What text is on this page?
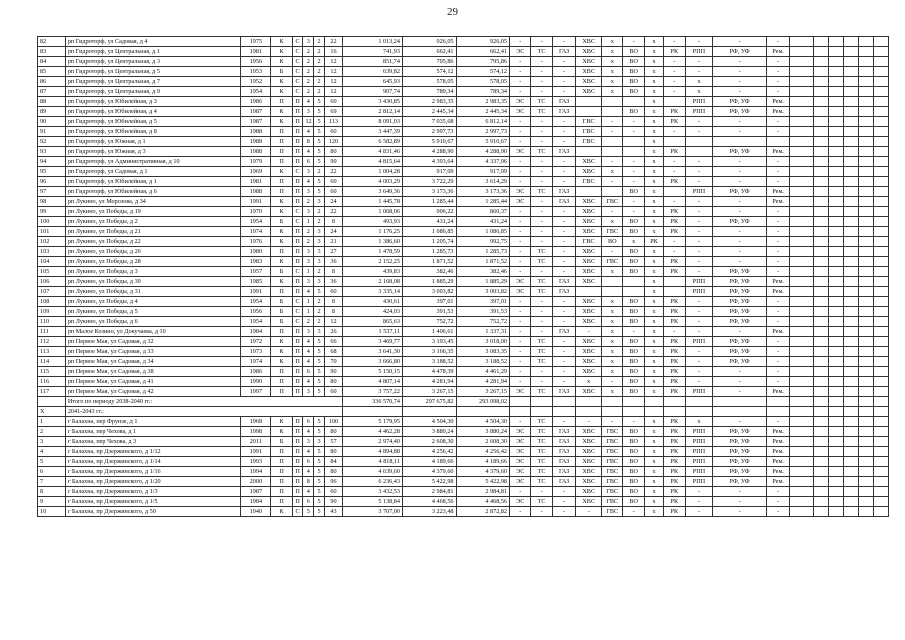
29
82	рп Гидроторф, ул Садовая, д 4	1975	К	С	3	2	22	1 013,24	926,05	926,05	-	-	-	ХВС	х	-	х	-	-	-	-						
83	рп Гидроторф, ул Центральная, д 1	1981	К	С	2	2	16	741,93	662,41	662,41	ЭС	ТС	ГАЗ	ХВС	х	ВО	х	РК	РПП	РФ, УФ	Рем.						
84	рп Гидроторф, ул Центральная, д 3	1956	К	С	2	2	12	851,74	795,86	795,86	-	-	-	ХВС	х	ВО	х	-	-	-	-						
85	рп Гидроторф, ул Центральная, д 5	1953	Б	С	2	2	12	639,82	574,12	574,12	-	-	-	ХВС	х	ВО	х	-	-	-	-						
86	рп Гидроторф, ул Центральная, д 7	1952	К	С	2	2	12	645,93	578,05	578,05	-	-	-	ХВС	х	ВО	х	-	х	-	-						
87	рп Гидроторф, ул Центральная, д 9	1954	К	С	2	2	12	907,74	789,34	789,34	-	-	-	ХВС	х	ВО	х	-	х	-	-						
88	рп Гидроторф, ул Юбилейная, д 3	1986	П	П	4	5	60	3 430,85	2 983,35	2 983,35	ЭС	ТС	ГАЗ				х		РПП	РФ, УФ	Рем.						
89	рп Гидроторф, ул Юбилейная, д 4	1987	К	П	3	5	69	2 812,14	2 445,34	2 445,34	ЭС	ТС	ГАЗ			ВО	х	РК	РПП	РФ, УФ	Рем.						
90	рп Гидроторф, ул Юбилейная, д 5	1987	К	П	12	5	113	8 091,03	7 035,68	6 812,14	-	-	-	ГВС	-	-	х	РК	-	-	-						
91	рп Гидроторф, ул Юбилейная, д 8	1988	П	П	4	5	60	3 447,39	2 997,73	2 997,73	-	-	-	ГВС	-	-	х	-	-	-	-						
92	рп Гидроторф, ул Южная, д 1	1988	П	П	8	5	120	6 582,89	5 910,67	5 910,67	-	-	-	ГВС			х										
93	рп Гидроторф, ул Южная, д 3	1988	П	П	4	5	80	4 831,46	4 288,90	4 288,90	ЭС	ТС	ГАЗ				х	РК		РФ, УФ	Рем.						
94	рп Гидроторф, ул Административная, д 10	1979	П	П	6	5	90	4 815,64	4 393,64	4 337,06	-	-	-	ХВС	-	-	х	-	-	-	-						
95	рп Гидроторф, ул Садовая, д 1	1969	К	С	3	2	22	1 004,28	917,09	917,09	-	-	-	ХВС	х	-	х	-	-	-	-						
96	рп Гидроторф, ул Юбилейная, д 1	1981	П	П	4	5	60	4 003,29	3 722,29	3 614,29	-	-	-	ГВС	-	-	х	РК	-	-	-						
97	рп Гидроторф, ул Юбилейная, д 6	1988	П	П	3	5	60	3 649,36	3 173,36	3 173,36	ЭС	ТС	ГАЗ			ВО	х		РПП	РФ, УФ	Рем.						
98	рп Лукино, ул Морозова, д 34	1991	К	П	2	3	24	1 445,78	1 285,44	1 285,44	ЭС	-	ГАЗ	ХВС	ГВС	-	х	-	-	-	Рем.						
99	рп Лукино, ул Победы, д 19	1970	К	С	3	2	22	1 068,06	906,22	860,37	-	-	-	ХВС	-	-	х	РК	-	-	-						
100	рп Лукино, ул Победы, д 2	1954	Б	С	1	2	8	493,93	431,24	431,24	-	-	-	ХВС	х	ВО	х	РК	-	РФ, УФ	-						
101	рп Лукино, ул Победы, д 21	1974	К	П	2	3	24	1 176,25	1 086,85	1 086,85	-	-	-	ХВС	ГВС	ВО	х	РК	-	-	-						
102	рп Лукино, ул Победы, д 22	1976	К	П	2	3	21	1 386,60	1 205,74	992,75	-	-	-	ГВС	ВО	х	РК	-	-	-	-						
103	рп Лукино, ул Победы, д 26	1980	П	П	3	3	27	1 478,59	1 285,73	1 285,73	-	ТС	-	ХВС	-	ВО	х	-	-	-	-						
104	рп Лукино, ул Победы, д 28	1983	К	П	3	3	36	2 152,25	1 871,52	1 871,52	-	ТС	-	ХВС	ГВС	ВО	х	РК	-	-	-						
105	рп Лукино, ул Победы, д 3	1957	Б	С	1	2	8	439,83	382,46	382,46	-	-	-	ХВС	х	ВО	х	РК	-	РФ, УФ	-						
106	рп Лукино, ул Победы, д 30	1985	К	П	3	3	36	2 168,08	1 885,29	1 885,29	ЭС	ТС	ГАЗ	ХВС			х		РПП	РФ, УФ	Рем.						
107	рп Лукино, ул Победы, д 31	1991	П	П	4	5	60	3 335,14	3 003,82	3 003,82	ЭС	ТС	ГАЗ				х		РПП	РФ, УФ	Рем.						
108	рп Лукино, ул Победы, д 4	1954	Б	С	1	2	8	430,61	397,01	397,01	-	-	-	ХВС	х	ВО	х	РК	-	РФ, УФ	-						
109	рп Лукино, ул Победы, д 5	1956	Б	С	1	2	8	424,03	391,53	391,53	-	-	-	ХВС	х	ВО	х	РК	-	РФ, УФ	-						
110	рп Лукино, ул Победы, д 6	1954	Б	С	2	2	12	865,63	752,72	752,72	-	-	-	ХВС	х	ВО	х	РК	-	РФ, УФ	-						
111	рп Малое Козино, ул Докучаева, д 10	1984	П	П	3	3	26	1 537,11	1 406,61	1 337,31	-	-	ГАЗ	-	х	-	х	-	-	-	Рем.						
112	рп Первое Мая, ул Садовая, д 32	1972	К	П	4	5	66	3 469,77	3 193,45	3 018,00	-	ТС	-	ХВС	х	ВО	х	РК	РПП	РФ, УФ	-						
113	рп Первое Мая, ул Садовая, д 33	1973	К	П	4	5	68	3 641,30	3 166,35	3 083,35	-	ТС	-	ХВС	х	ВО	х	РК	-	РФ, УФ	-						
114	рп Первое Мая, ул Садовая, д 34	1974	К	П	4	5	70	3 666,80	3 188,52	3 188,52	-	ТС	-	ХВС	х	ВО	х	РК	-	РФ, УФ	-						
115	рп Первое Мая, ул Садовая, д 38	1986	П	П	6	5	90	5 150,15	4 478,39	4 461,29	-	-	-	ХВС	х	ВО	х	РК	-	-	-						
116	рп Первое Мая, ул Садовая, д 41	1990	П	П	4	5	80	4 807,14	4 281,94	4 281,94	-	-	-	х	-	ВО	х	РК	-	-	-						
117	рп Первое Мая, ул Садовая, д 42	1997	П	П	3	5	60	3 757,22	3 267,15	3 267,15	ЭС	ТС	ГАЗ	ХВС	х	ВО	х	РК	РПП	-	Рем.						
	Итого по периоду 2038-2040 гг.:							336 570,74	297 675,82	293 098,02																	
X	2041-2043 гг.:																										
1	г Балахна, пер Фрунзе, д 1	1968	К	П	6	5	100	5 179,95	4 504,30	4 504,30	-	ТС	-	-	-	-	х	РК	х	-	-						
2	г Балахна, пер Чехова, д 1	1998	К	П	4	5	80	4 462,28	3 880,24	3 880,24	ЭС	ТС	ГАЗ	ХВС	ГВС	ВО	х	РК	РПП	РФ, УФ	Рем.						
3	г Балахна, пер Чехова, д 3	2011	Б	П	3	3	57	2 974,40	2 608,30	2 608,30	ЭС	ТС	ГАЗ	ХВС	ГВС	ВО	х	РК	РПП	РФ, УФ	Рем.						
4	г Балахна, пр Дзержинского, д 1/12	1991	П	П	4	5	80	4 894,88	4 256,42	4 256,42	ЭС	ТС	ГАЗ	ХВС	ГВС	ВО	х	РК	РПП	РФ, УФ	Рем.						
5	г Балахна, пр Дзержинского, д 1/14	1993	П	П	6	5	84	4 818,11	4 189,66	4 189,66	ЭС	ТС	ГАЗ	ХВС	ГВС	ВО	х	РК	РПП	РФ, УФ	Рем.						
6	г Балахна, пр Дзержинского, д 1/16	1994	П	П	4	5	80	4 639,60	4 379,60	4 379,60	ЭС	ТС	ГАЗ	ХВС	ГВС	ВО	х	РК	РПП	РФ, УФ	Рем.						
7	г Балахна, пр Дзержинского, д 1/20	2000	П	П	8	5	96	6 236,43	5 422,98	5 422,98	ЭС	ТС	ГАЗ	ХВС	ГВС	ВО	х	РК	РПП	РФ, УФ	Рем.						
8	г Балахна, пр Дзержинского, д 1/3	1987	П	П	4	5	60	3 432,53	2 984,81	2 984,81	-	-	-	ХВС	ГВС	ВО	х	РК	-	-	-						
9	г Балахна, пр Дзержинского, д 1/5	1984	П	П	6	5	90	5 138,84	4 468,56	4 468,56	ЭС	ТС	-	ХВС	ГВС	ВО	х	РК	-	-	-						
10	г Балахна, пр Дзержинского, д 50	1940	К	С	5	5	43	3 707,00	3 223,48	2 872,82	-	-	-	-	ГВС	-	х	РК	-	-	-						
